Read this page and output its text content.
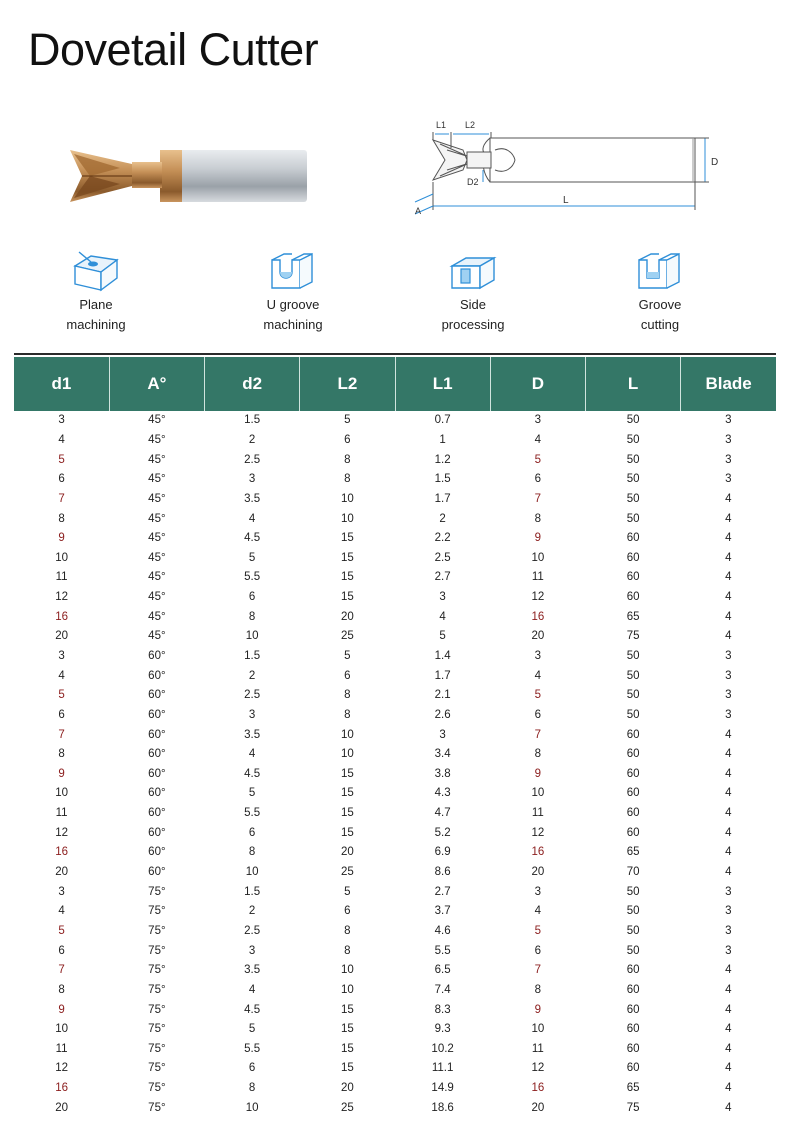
Dovetail Cutter
L1 L2
D
D2
A
L
Plane
machining
U groove
machining
Side
processing
Groove
cutting
d1	A°	d2	L2	L1	D	L	Blade
3	45°	1.5	5	0.7	3	50	3
4	45°	2	6	1	4	50	3
5	45°	2.5	8	1.2	5	50	3
6	45°	3	8	1.5	6	50	3
7	45°	3.5	10	1.7	7	50	4
8	45°	4	10	2	8	50	4
9	45°	4.5	15	2.2	9	60	4
10	45°	5	15	2.5	10	60	4
11	45°	5.5	15	2.7	11	60	4
12	45°	6	15	3	12	60	4
16	45°	8	20	4	16	65	4
20	45°	10	25	5	20	75	4
3	60°	1.5	5	1.4	3	50	3
4	60°	2	6	1.7	4	50	3
5	60°	2.5	8	2.1	5	50	3
6	60°	3	8	2.6	6	50	3
7	60°	3.5	10	3	7	60	4
8	60°	4	10	3.4	8	60	4
9	60°	4.5	15	3.8	9	60	4
10	60°	5	15	4.3	10	60	4
11	60°	5.5	15	4.7	11	60	4
12	60°	6	15	5.2	12	60	4
16	60°	8	20	6.9	16	65	4
20	60°	10	25	8.6	20	70	4
3	75°	1.5	5	2.7	3	50	3
4	75°	2	6	3.7	4	50	3
5	75°	2.5	8	4.6	5	50	3
6	75°	3	8	5.5	6	50	3
7	75°	3.5	10	6.5	7	60	4
8	75°	4	10	7.4	8	60	4
9	75°	4.5	15	8.3	9	60	4
10	75°	5	15	9.3	10	60	4
11	75°	5.5	15	10.2	11	60	4
12	75°	6	15	11.1	12	60	4
16	75°	8	20	14.9	16	65	4
20	75°	10	25	18.6	20	75	4
